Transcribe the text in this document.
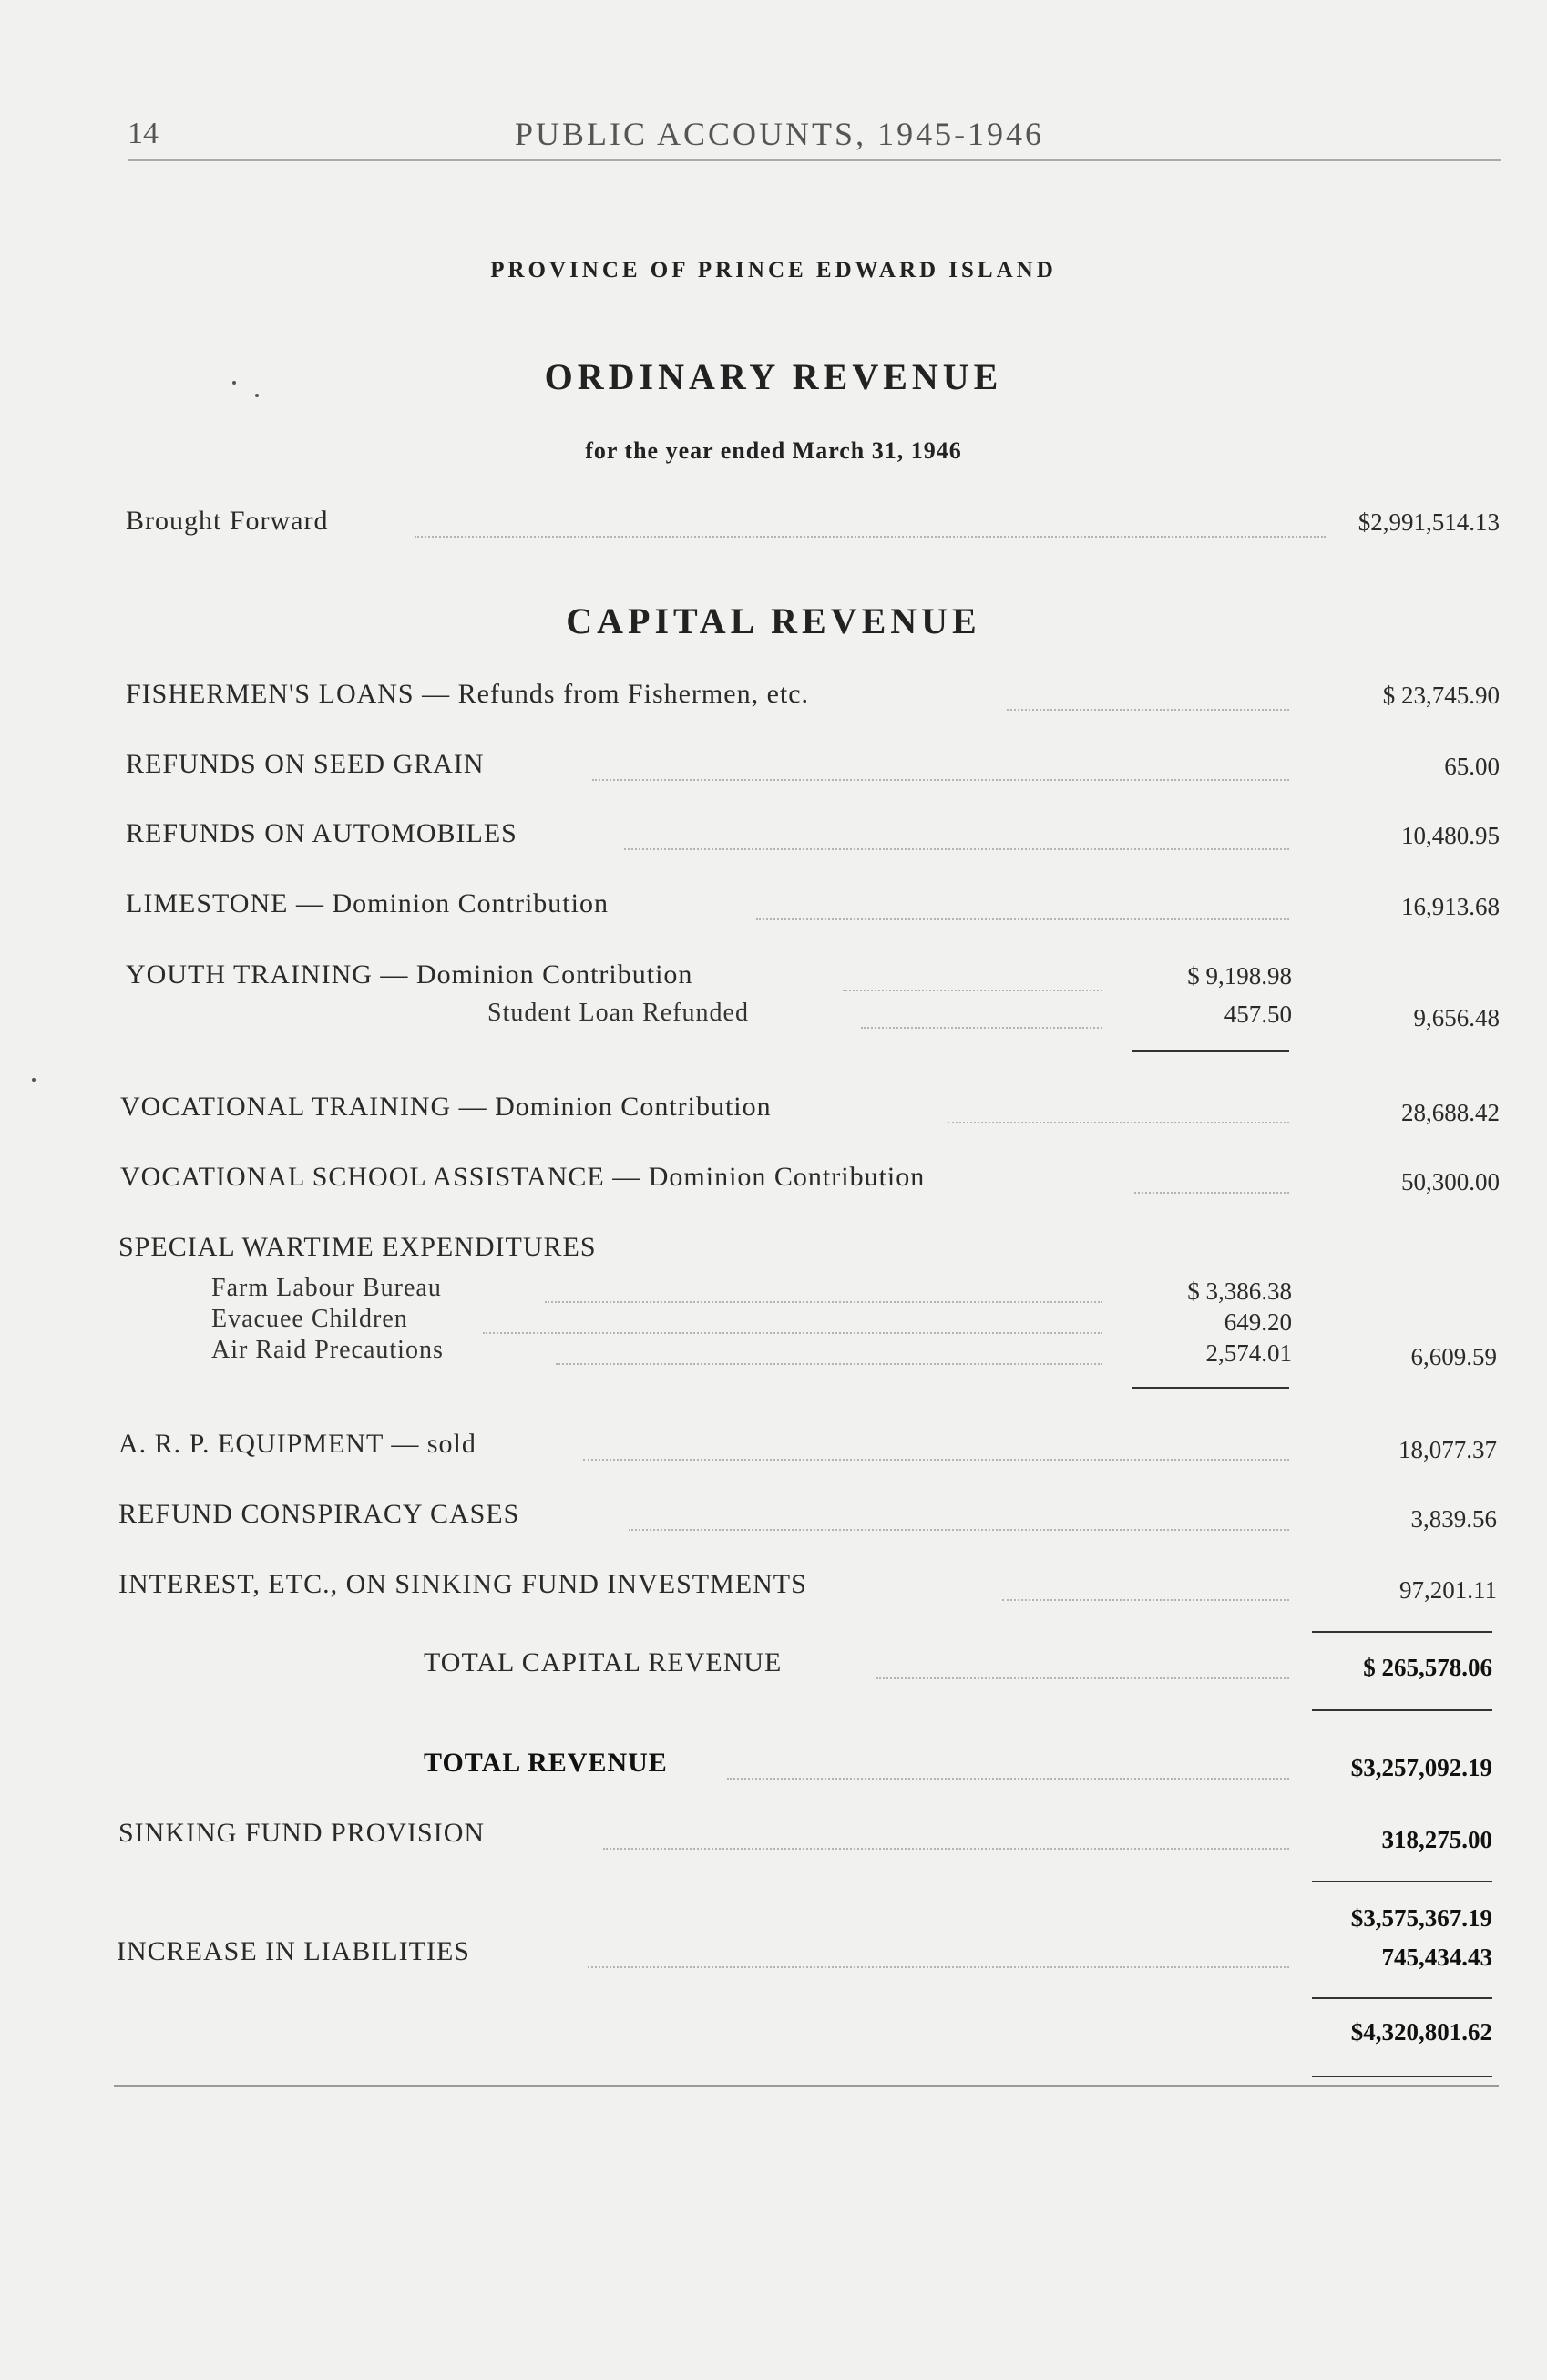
14	PUBLIC ACCOUNTS, 1945-1946
PROVINCE OF PRINCE EDWARD ISLAND
ORDINARY REVENUE
for the year ended March 31, 1946
Brought Forward	$2,991,514.13
CAPITAL REVENUE
FISHERMEN'S LOANS — Refunds from Fishermen, etc.	$ 23,745.90
REFUNDS ON SEED GRAIN	65.00
REFUNDS ON AUTOMOBILES	10,480.95
LIMESTONE — Dominion Contribution	16,913.68
YOUTH TRAINING — Dominion Contribution	$ 9,198.98
Student Loan Refunded	457.50	9,656.48
VOCATIONAL TRAINING — Dominion Contribution	28,688.42
VOCATIONAL SCHOOL ASSISTANCE — Dominion Contribution	50,300.00
SPECIAL WARTIME EXPENDITURES
Farm Labour Bureau	$ 3,386.38
Evacuee Children	649.20
Air Raid Precautions	2,574.01	6,609.59
A. R. P. EQUIPMENT — sold	18,077.37
REFUND CONSPIRACY CASES	3,839.56
INTEREST, ETC., ON SINKING FUND INVESTMENTS	97,201.11
TOTAL CAPITAL REVENUE	$ 265,578.06
TOTAL REVENUE	$3,257,092.19
SINKING FUND PROVISION	318,275.00
$3,575,367.19
INCREASE IN LIABILITIES	745,434.43
$4,320,801.62
